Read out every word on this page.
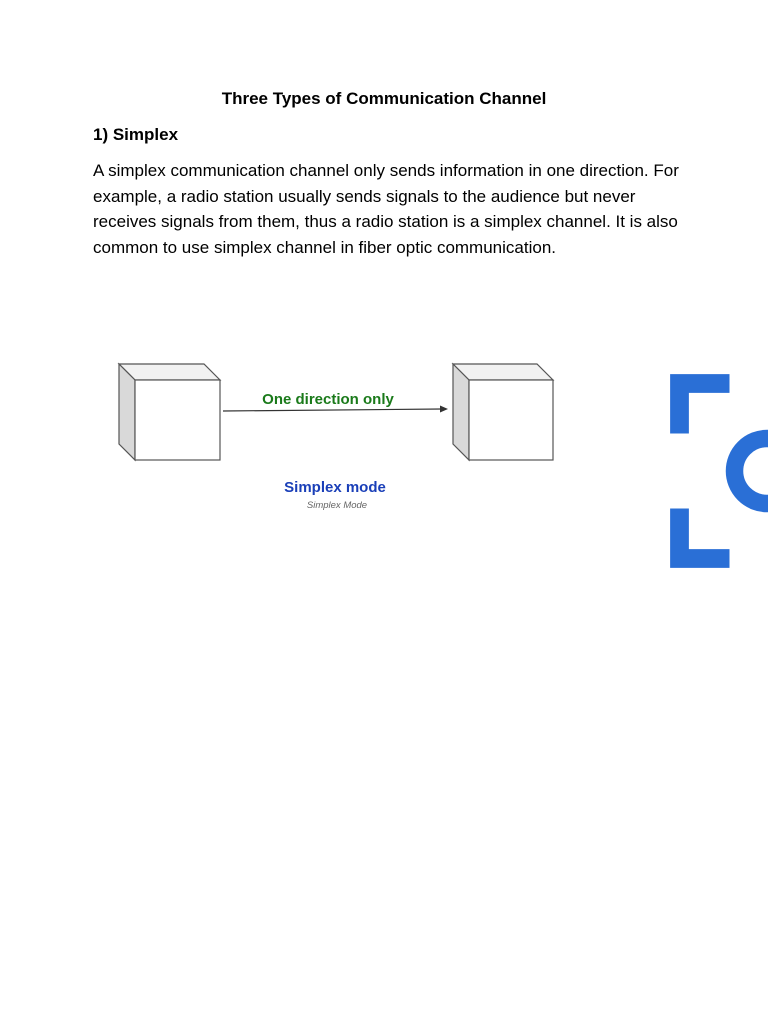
Three Types of Communication Channel
1) Simplex
A simplex communication channel only sends information in one direction. For example, a radio station usually sends signals to the audience but never receives signals from them, thus a radio station is a simplex channel. It is also common to use simplex channel in fiber optic communication.
One direction only
Simplex mode
Simplex Mode
